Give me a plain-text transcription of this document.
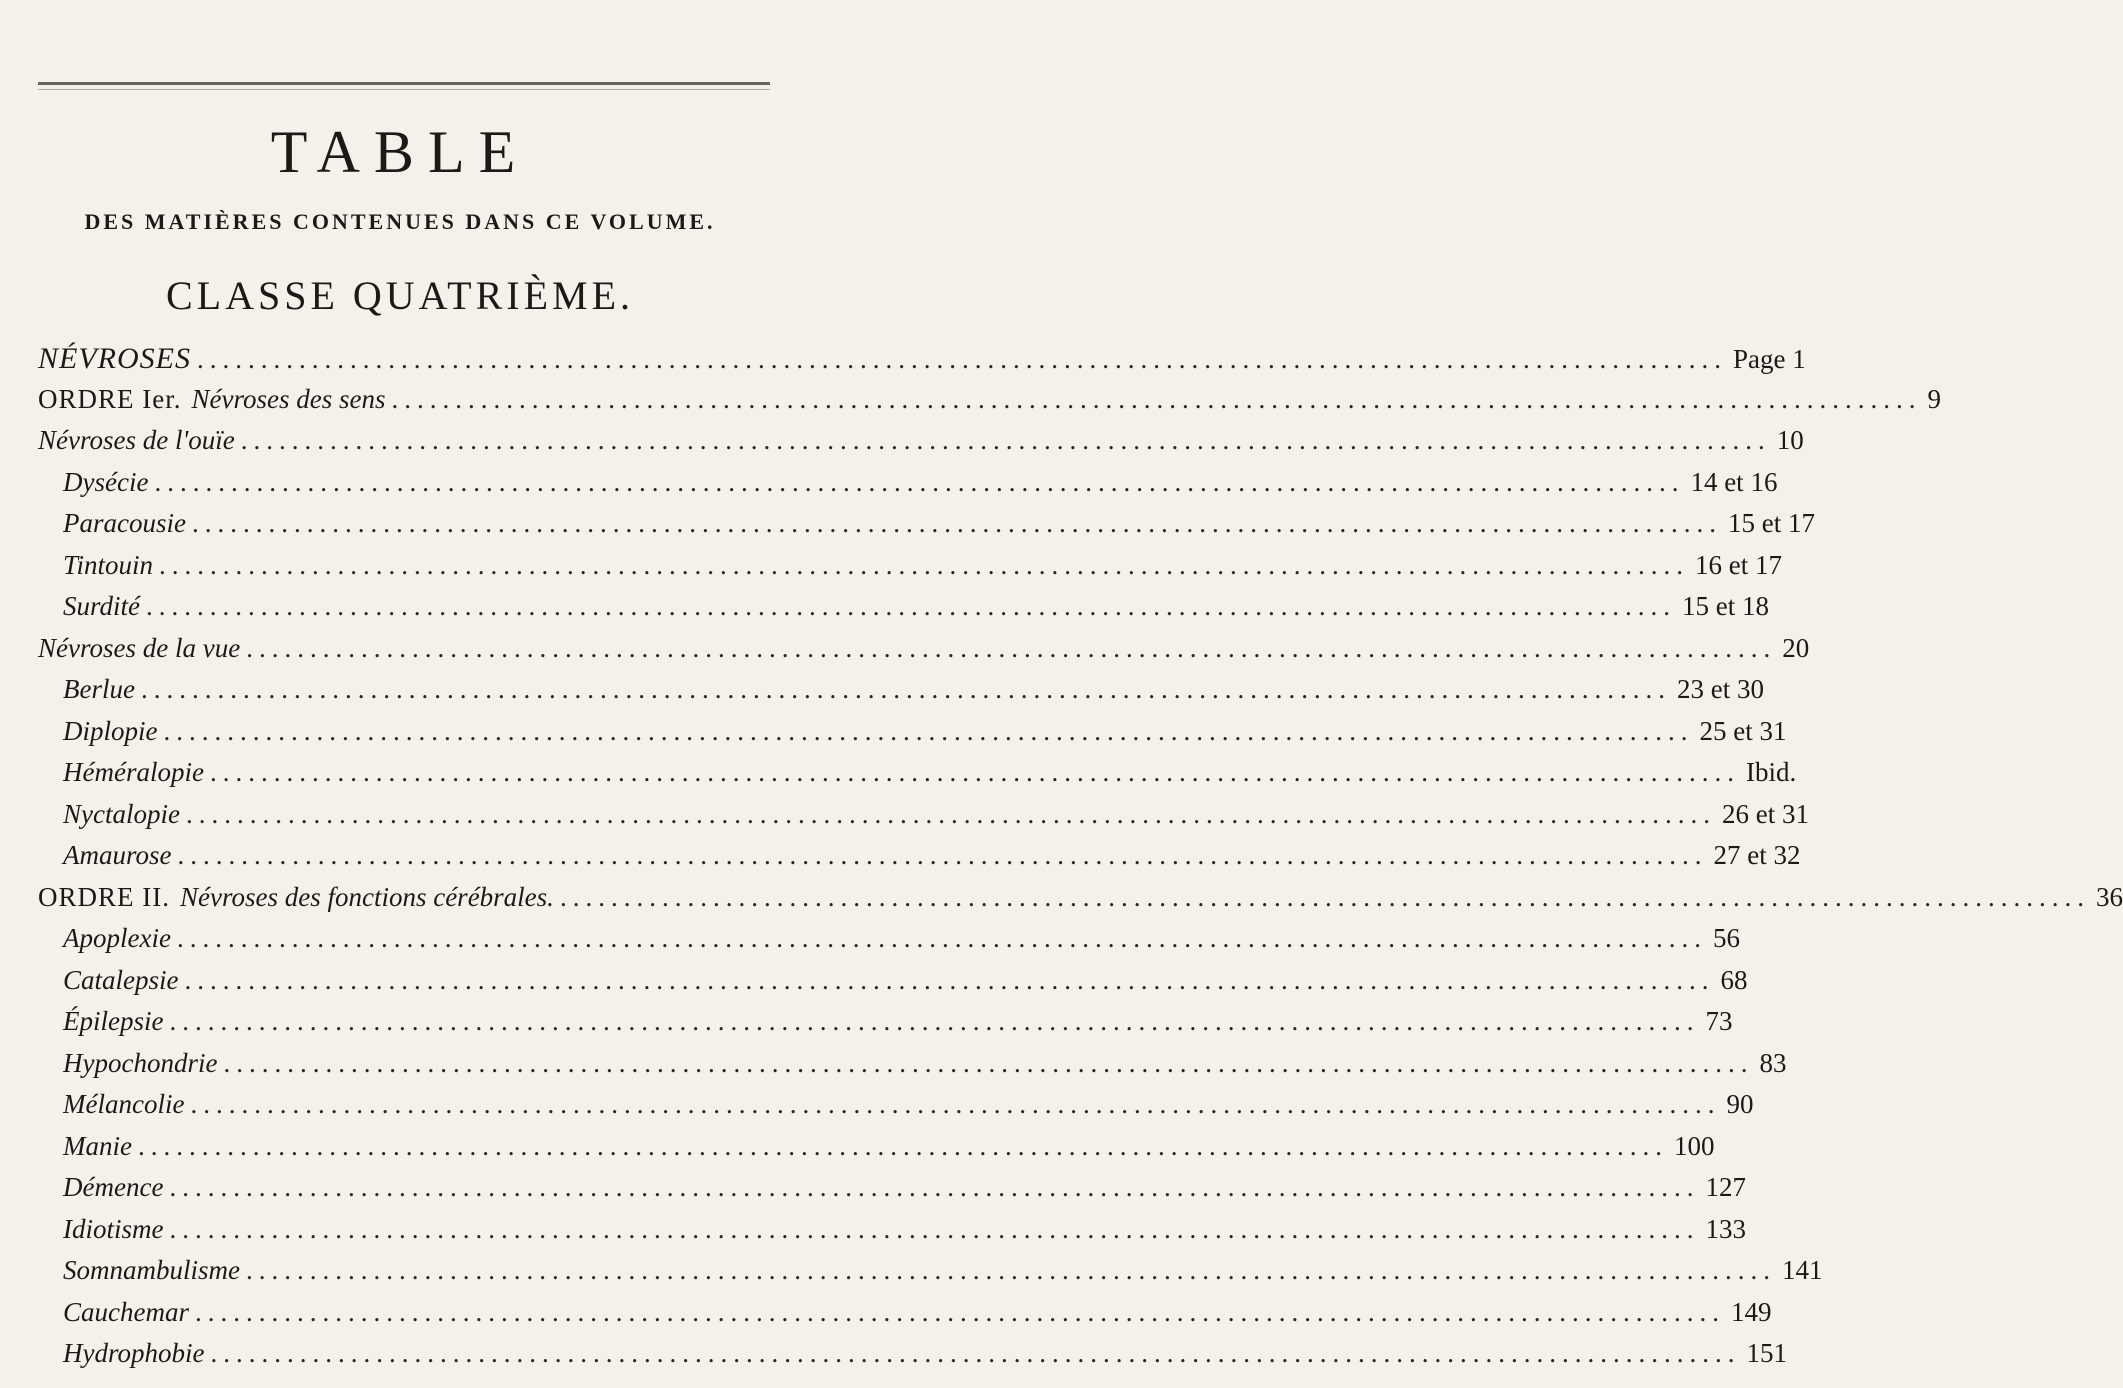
TABLE
DES MATIÈRES CONTENUES DANS CE VOLUME.
CLASSE QUATRIÈME.
NÉVROSES ........................................................................................................................ Page 1
ORDRE Ier. Névroses des sens ........................................................................................................................ 9
Névroses de l'ouïe ........................................................................................................................ 10
Dysécie ........................................................................................................................ 14 et 16
Paracousie ........................................................................................................................ 15 et 17
Tintouin ........................................................................................................................ 16 et 17
Surdité ........................................................................................................................ 15 et 18
Névroses de la vue ........................................................................................................................ 20
Berlue ........................................................................................................................ 23 et 30
Diplopie ........................................................................................................................ 25 et 31
Héméralopie ........................................................................................................................ Ibid.
Nyctalopie ........................................................................................................................ 26 et 31
Amaurose ........................................................................................................................ 27 et 32
ORDRE II. Névroses des fonctions cérébrales. ........................................................................................................................ 36
Apoplexie ........................................................................................................................ 56
Catalepsie ........................................................................................................................ 68
Épilepsie ........................................................................................................................ 73
Hypochondrie ........................................................................................................................ 83
Mélancolie ........................................................................................................................ 90
Manie ........................................................................................................................ 100
Démence ........................................................................................................................ 127
Idiotisme ........................................................................................................................ 133
Somnambulisme ........................................................................................................................ 141
Cauchemar ........................................................................................................................ 149
Hydrophobie ........................................................................................................................ 151
